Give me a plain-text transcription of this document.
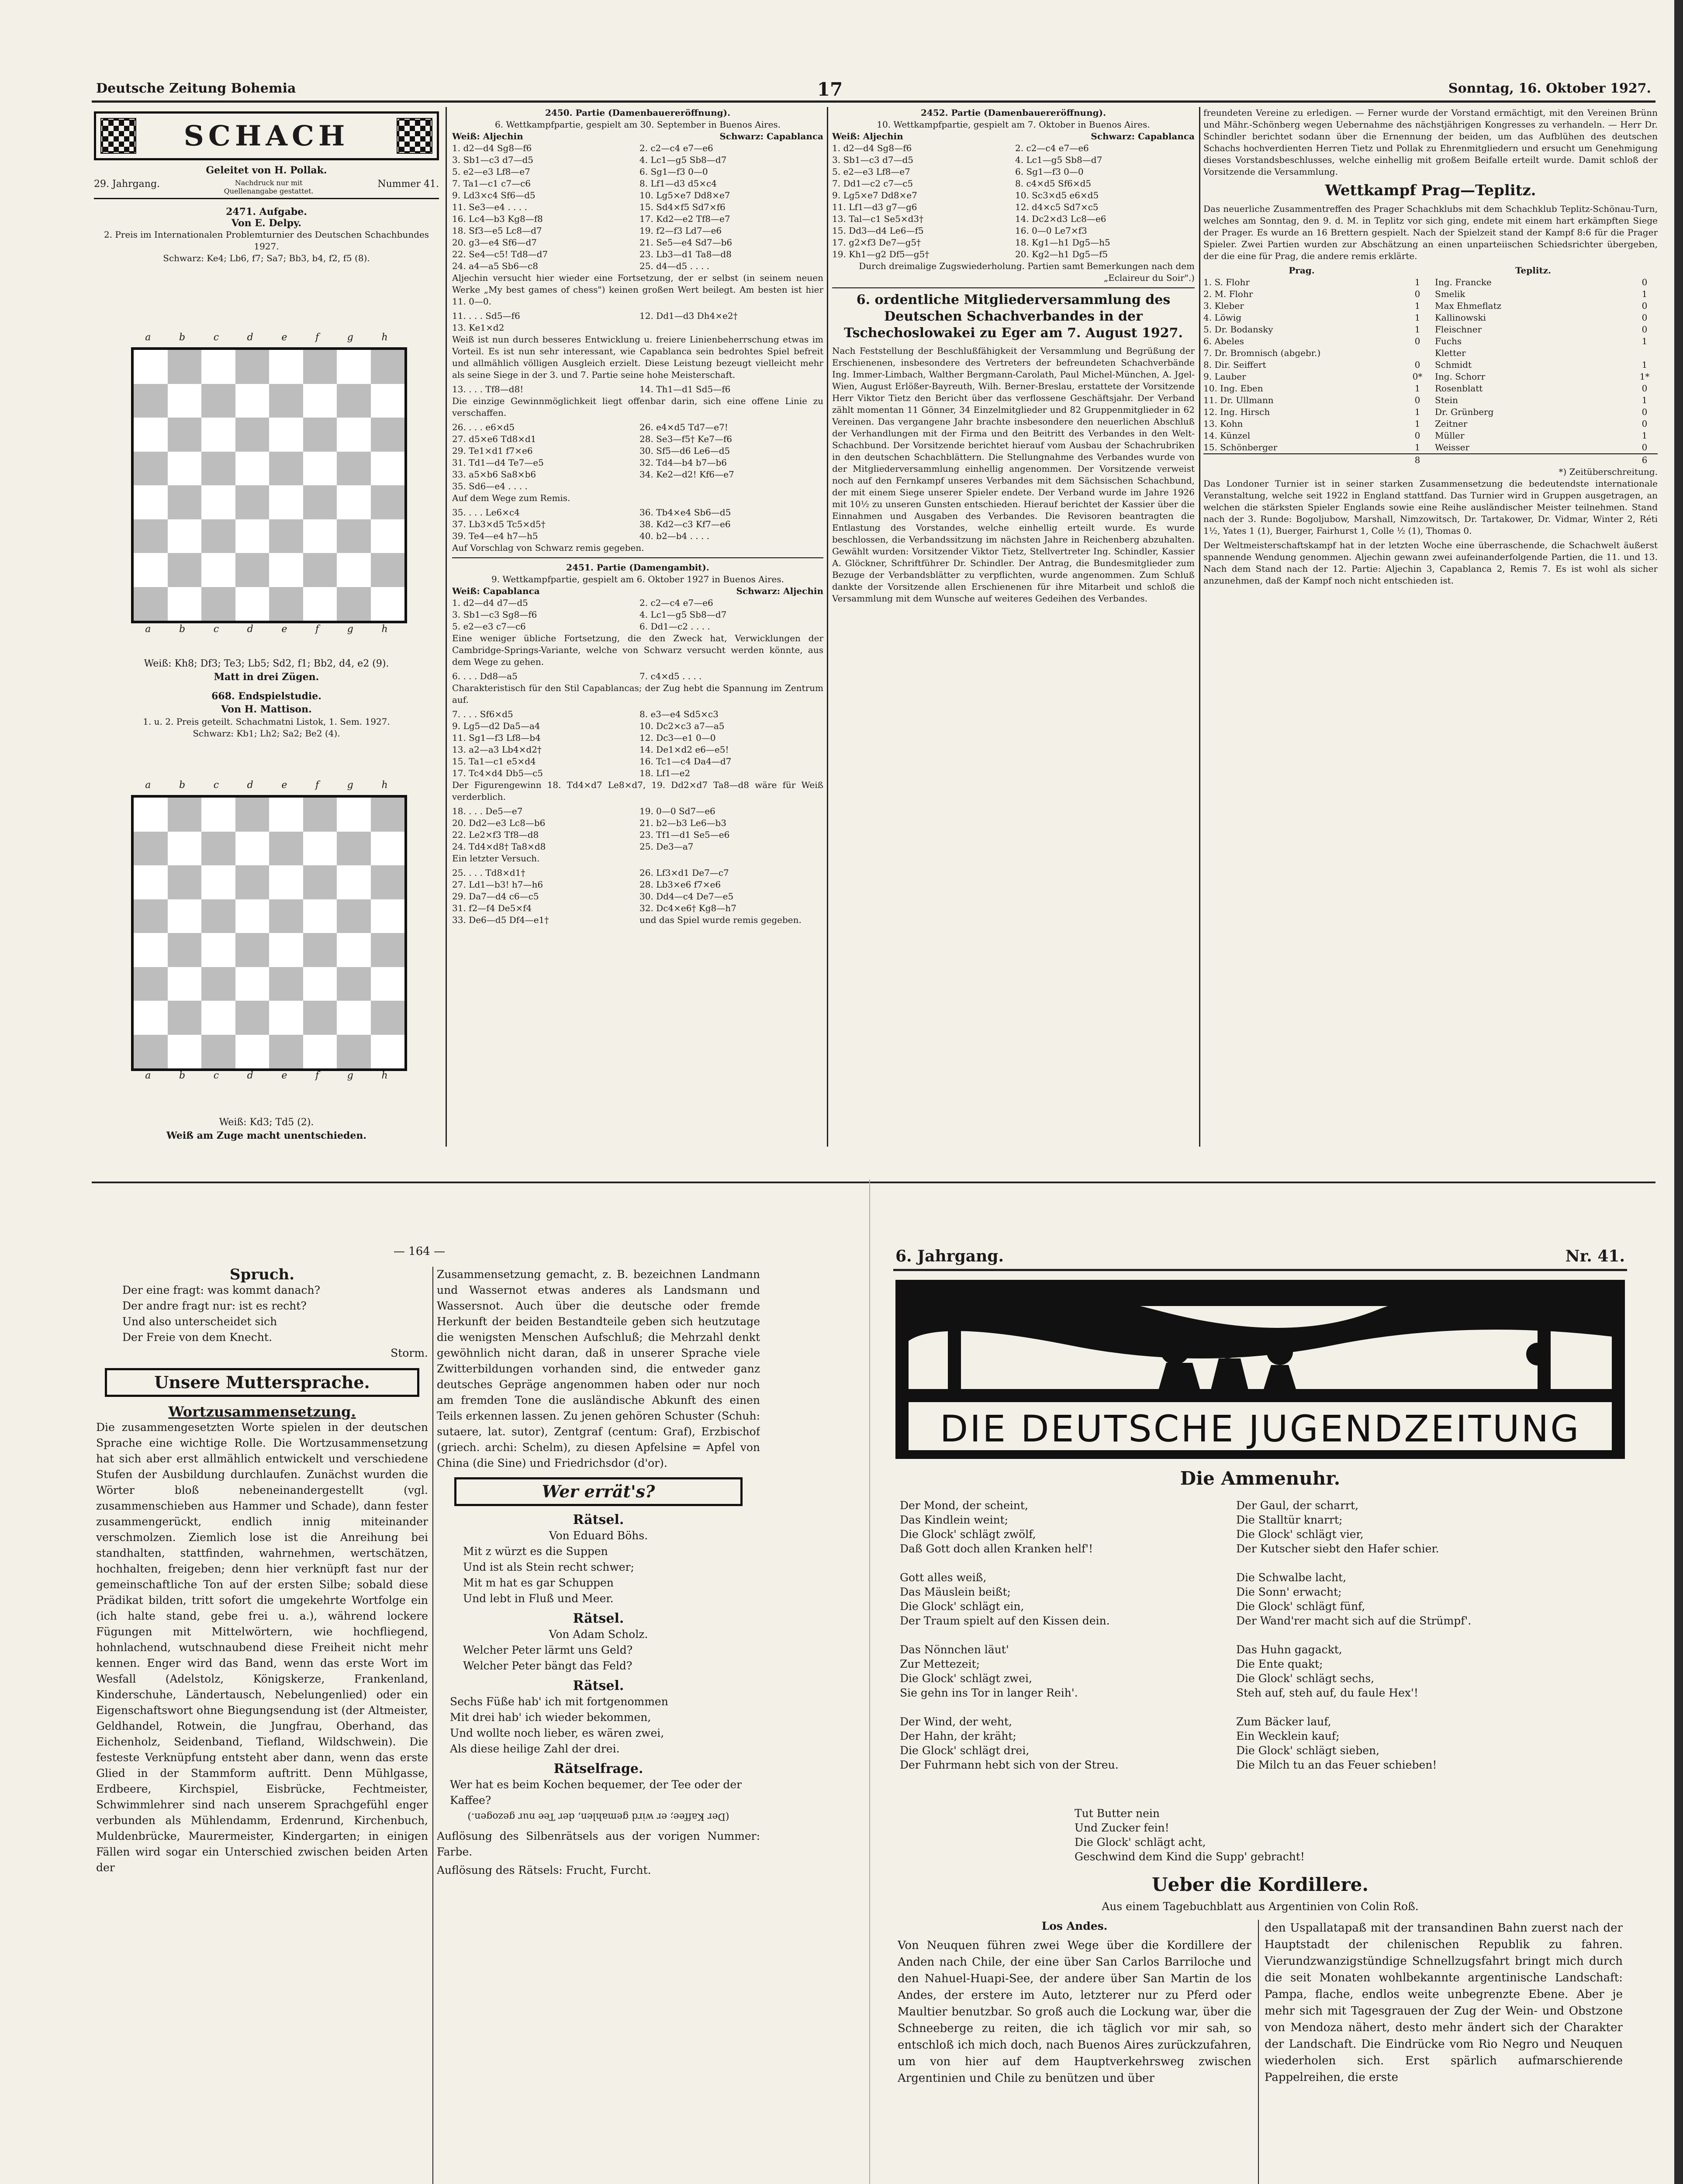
Deutsche Zeitung Bohemia	17	Sonntag, 16. Oktober 1927.
SCHACH
Geleitet von H. Pollak.
29. Jahrgang.	Nachdruck nur mit Quellenangabe gestattet.
Nummer 41.
2471. Aufgabe.
Von E. Delpy.
2. Preis im Internationalen Problemturnier des Deutschen Schachbundes 1927.
Schwarz: Ke4; Lb6, f7; Sa7; Bb3, b4, f2, f5 (8).
a	b	c	d	e	f	g	h
a	b	c	d	e	f	g	h
Weiß: Kh8; Df3; Te3; Lb5; Sd2, f1; Bb2, d4, e2 (9).
Matt in drei Zügen.
668. Endspielstudie.
Von H. Mattison.
1. u. 2. Preis geteilt. Schachmatni Listok, 1. Sem. 1927.
Schwarz: Kb1; Lh2; Sa2; Be2 (4).
a	b	c	d	e	f	g	h
a	b	c	d	e	f	g	h
Weiß: Kd3; Td5 (2).
Weiß am Zuge macht unentschieden.
2450. Partie (Damenbauereröffnung).
6. Wettkampfpartie, gespielt am 30. September in Buenos Aires.
Weiß: Aljechin	Schwarz: Capablanca
1. d2—d4 Sg8—f6	2. c2—c4 e7—e6
3. Sb1—c3 d7—d5	4. Lc1—g5 Sb8—d7
5. e2—e3 Lf8—e7	6. Sg1—f3 0—0
7. Ta1—c1 c7—c6	8. Lf1—d3 d5×c4
9. Ld3×c4 Sf6—d5	10. Lg5×e7 Dd8×e7
11. Se3—e4 . . . .	15. Sd4×f5 Sd7×f6
16. Lc4—b3 Kg8—f8	17. Kd2—e2 Tf8—e7
18. Sf3—e5 Lc8—d7	19. f2—f3 Ld7—e6
20. g3—e4 Sf6—d7	21. Se5—e4 Sd7—b6
22. Se4—c5! Td8—d7	23. Lb3—d1 Ta8—d8
24. a4—a5 Sb6—c8	25. d4—d5 . . . .

Aljechin versucht hier wieder eine Fortsetzung, der er selbst (in seinem neuen Werke „My best games of chess") keinen großen Wert beilegt. Am besten ist hier 11. 0—0.

11. . . . Sd5—f6	12. Dd1—d3 Dh4×e2†
13. Ke1×d2

Weiß ist nun durch besseres Entwicklung u. freiere Linienbeherrschung etwas im Vorteil. Es ist nun sehr interessant, wie Capablanca sein bedrohtes Spiel befreit und allmählich völligen Ausgleich erzielt. Diese Leistung bezeugt vielleicht mehr als seine Siege in der 3. und 7. Partie seine hohe Meisterschaft.

13. . . . Tf8—d8!	14. Th1—d1 Sd5—f6

Die einzige Gewinnmöglichkeit liegt offenbar darin, sich eine offene Linie zu verschaffen.

26. . . . e6×d5	26. e4×d5 Td7—e7!
27. d5×e6 Td8×d1	28. Se3—f5† Ke7—f6
29. Te1×d1 f7×e6	30. Sf5—d6 Le6—d5
31. Td1—d4 Te7—e5	32. Td4—b4 b7—b6
33. a5×b6 Sa8×b6	34. Ke2—d2! Kf6—e7
35. Sd6—e4 . . . .

Auf dem Wege zum Remis.

35. . . . Le6×c4	36. Tb4×e4 Sb6—d5
37. Lb3×d5 Tc5×d5†	38. Kd2—c3 Kf7—e6
39. Te4—e4 h7—h5	40. b2—b4 . . . .

Auf Vorschlag von Schwarz remis gegeben.

2451. Partie (Damengambit).
9. Wettkampfpartie, gespielt am 6. Oktober 1927 in Buenos Aires.
Weiß: Capablanca	Schwarz: Aljechin
1. d2—d4 d7—d5	2. c2—c4 e7—e6
3. Sb1—c3 Sg8—f6	4. Lc1—g5 Sb8—d7
5. e2—e3 c7—c6	6. Dd1—c2 . . . .

Eine weniger übliche Fortsetzung, die den Zweck hat, Verwicklungen der Cambridge-Springs-Variante, welche von Schwarz versucht werden könnte, aus dem Wege zu gehen.

6. . . . Dd8—a5	7. c4×d5 . . . .

Charakteristisch für den Stil Capablancas; der Zug hebt die Spannung im Zentrum auf.

7. . . . Sf6×d5	8. e3—e4 Sd5×c3
9. Lg5—d2 Da5—a4	10. Dc2×c3 a7—a5
11. Sg1—f3 Lf8—b4	12. Dc3—e1 0—0
13. a2—a3 Lb4×d2†	14. De1×d2 e6—e5!
15. Ta1—c1 e5×d4	16. Tc1—c4 Da4—d7
17. Tc4×d4 Db5—c5	18. Lf1—e2

Der Figurengewinn 18. Td4×d7 Le8×d7, 19. Dd2×d7 Ta8—d8 wäre für Weiß verderblich.

18. . . . De5—e7	19. 0—0 Sd7—e6
20. Dd2—e3 Lc8—b6	21. b2—b3 Le6—b3
22. Le2×f3 Tf8—d8	23. Tf1—d1 Se5—e6
24. Td4×d8† Ta8×d8	25. De3—a7

Ein letzter Versuch.

25. . . . Td8×d1†	26. Lf3×d1 De7—c7
27. Ld1—b3! h7—h6	28. Lb3×e6 f7×e6
29. Da7—d4 c6—c5	30. Dd4—c4 De7—e5
31. f2—f4 De5×f4	32. Dc4×e6† Kg8—h7
33. De6—d5 Df4—e1†	und das Spiel wurde remis gegeben.
2452. Partie (Damenbauereröffnung).
10. Wettkampfpartie, gespielt am 7. Oktober in Buenos Aires.
Weiß: Aljechin	Schwarz: Capablanca
1. d2—d4 Sg8—f6	2. c2—c4 e7—e6
3. Sb1—c3 d7—d5	4. Lc1—g5 Sb8—d7
5. e2—e3 Lf8—e7	6. Sg1—f3 0—0
7. Dd1—c2 c7—c5	8. c4×d5 Sf6×d5
9. Lg5×e7 Dd8×e7	10. Sc3×d5 e6×d5
11. Lf1—d3 g7—g6	12. d4×c5 Sd7×c5
13. Tal—c1 Se5×d3†	14. Dc2×d3 Lc8—e6
15. Dd3—d4 Le6—f5	16. 0—0 Le7×f3
17. g2×f3 De7—g5†	18. Kg1—h1 Dg5—h5
19. Kh1—g2 Df5—g5†	20. Kg2—h1 Dg5—f5

Durch dreimalige Zugswiederholung. Partien samt Bemerkungen nach dem „Eclaireur du Soir".)

6. ordentliche Mitgliederversammlung des Deutschen Schachverbandes in der Tschechoslowakei zu Eger am 7. August 1927.

Nach Feststellung der Beschlußfähigkeit der Versammlung und Begrüßung der Erschienenen, insbesondere des Vertreters der befreundeten Schachverbände Ing. Immer-Limbach, Walther Bergmann-Carolath, Paul Michel-München, A. Jgel-Wien, August Erlößer-Bayreuth, Wilh. Berner-Breslau, erstattete der Vorsitzende Herr Viktor Tietz den Bericht über das verflossene Geschäftsjahr. Der Verband zählt momentan 11 Gönner, 34 Einzelmitglieder und 82 Gruppenmitglieder in 62 Vereinen. Das vergangene Jahr brachte insbesondere den neuerlichen Abschluß der Verhandlungen mit der Firma und den Beitritt des Verbandes in den Welt-Schachbund. Der Vorsitzende berichtet hierauf vom Ausbau der Schachrubriken in den deutschen Schachblättern. Die Stellungnahme des Verbandes wurde von der Mitgliederversammlung einhellig angenommen. Der Vorsitzende verweist noch auf den Fernkampf unseres Verbandes mit dem Sächsischen Schachbund, der mit einem Siege unserer Spieler endete. Der Verband wurde im Jahre 1926 mit 10½ zu unseren Gunsten entschieden. Hierauf berichtet der Kassier über die Einnahmen und Ausgaben des Verbandes. Die Revisoren beantragten die Entlastung des Vorstandes, welche einhellig erteilt wurde. Es wurde beschlossen, die Verbandssitzung im nächsten Jahre in Reichenberg abzuhalten. Gewählt wurden: Vorsitzender Viktor Tietz, Stellvertreter Ing. Schindler, Kassier A. Glöckner, Schriftführer Dr. Schindler. Der Antrag, die Bundesmitglieder zum Bezuge der Verbandsblätter zu verpflichten, wurde angenommen. Zum Schluß dankte der Vorsitzende allen Erschienenen für ihre Mitarbeit und schloß die Versammlung mit dem Wunsche auf weiteres Gedeihen des Verbandes.

freundeten Vereine zu erledigen. — Ferner wurde der Vorstand ermächtigt, mit den Vereinen Brünn und Mähr.-Schönberg wegen Uebernahme des nächstjährigen Kongresses zu verhandeln. — Herr Dr. Schindler berichtet sodann über die Ernennung der beiden, um das Aufblühen des deutschen Schachs hochverdienten Herren Tietz und Pollak zu Ehrenmitgliedern und ersucht um Genehmigung dieses Vorstandsbeschlusses, welche einhellig mit großem Beifalle erteilt wurde. Damit schloß der Vorsitzende die Versammlung.

Wettkampf Prag—Teplitz.

Das neuerliche Zusammentreffen des Prager Schachklubs mit dem Schachklub Teplitz-Schönau-Turn, welches am Sonntag, den 9. d. M. in Teplitz vor sich ging, endete mit einem hart erkämpften Siege der Prager. Es wurde an 16 Brettern gespielt. Nach der Spielzeit stand der Kampf 8:6 für die Prager Spieler. Zwei Partien wurden zur Abschätzung an einen unparteiischen Schiedsrichter übergeben, der die eine für Prag, die andere remis erklärte.

Prag.	Teplitz.
1. S. Flohr	1	Ing. Francke	0
2. M. Flohr	0	Smelik	1
3. Kleber	1	Max Ehmeflatz	0
4. Löwig	1	Kallinowski	0
5. Dr. Bodansky	1	Fleischner	0
6. Abeles	0	Fuchs	1
7. Dr. Bromnisch (abgebr.)	Kletter
8. Dir. Seiffert	0	Schmidt	1
9. Lauber	0*	Ing. Schorr	1*
10. Ing. Eben	1	Rosenblatt	0
11. Dr. Ullmann	0	Stein	1
12. Ing. Hirsch	1	Dr. Grünberg	0
13. Kohn	1	Zeitner	0
14. Künzel	0	Müller	1
15. Schönberger	1	Weisser	0
8	6
*) Zeitüberschreitung.

Das Londoner Turnier ist in seiner starken Zusammensetzung die bedeutendste internationale Veranstaltung, welche seit 1922 in England stattfand. Das Turnier wird in Gruppen ausgetragen, an welchen die stärksten Spieler Englands sowie eine Reihe ausländischer Meister teilnehmen. Stand nach der 3. Runde: Bogoljubow, Marshall, Nimzowitsch, Dr. Tartakower, Dr. Vidmar, Winter 2, Réti 1½, Yates 1 (1), Buerger, Fairhurst 1, Colle ½ (1), Thomas 0.

Der Weltmeisterschaftskampf hat in der letzten Woche eine überraschende, die Schachwelt äußerst spannende Wendung genommen. Aljechin gewann zwei aufeinanderfolgende Partien, die 11. und 13. Nach dem Stand nach der 12. Partie: Aljechin 3, Capablanca 2, Remis 7. Es ist wohl als sicher anzunehmen, daß der Kampf noch nicht entschieden ist.

— 164 —
Spruch.

Der eine fragt: was kommt danach?

Der andre fragt nur: ist es recht?

Und also unterscheidet sich

Der Freie von dem Knecht.

Storm.
Unsere Muttersprache.
Wortzusammensetzung.

Die zusammengesetzten Worte spielen in der deutschen Sprache eine wichtige Rolle. Die Wortzusammensetzung hat sich aber erst allmählich entwickelt und verschiedene Stufen der Ausbildung durchlaufen. Zunächst wurden die Wörter bloß nebeneinandergestellt (vgl. zusammenschieben aus Hammer und Schade), dann fester zusammengerückt, endlich innig miteinander verschmolzen. Ziemlich lose ist die Anreihung bei standhalten, stattfinden, wahrnehmen, wertschätzen, hochhalten, freigeben; denn hier verknüpft fast nur der gemeinschaftliche Ton auf der ersten Silbe; sobald diese Prädikat bilden, tritt sofort die umgekehrte Wortfolge ein (ich halte stand, gebe frei u. a.), während lockere Fügungen mit Mittelwörtern, wie hochfliegend, hohnlachend, wutschnaubend diese Freiheit nicht mehr kennen. Enger wird das Band, wenn das erste Wort im Wesfall (Adelstolz, Königskerze, Frankenland, Kinderschuhe, Ländertausch, Nebelungenlied) oder ein Eigenschaftswort ohne Biegungsendung ist (der Altmeister, Geldhandel, Rotwein, die Jungfrau, Oberhand, das Eichenholz, Seidenband, Tiefland, Wildschwein). Die festeste Verknüpfung entsteht aber dann, wenn das erste Glied in der Stammform auftritt. Denn Mühlgasse, Erdbeere, Kirchspiel, Eisbrücke, Fechtmeister, Schwimmlehrer sind nach unserem Sprachgefühl enger verbunden als Mühlendamm, Erdenrund, Kirchenbuch, Muldenbrücke, Maurermeister, Kindergarten; in einigen Fällen wird sogar ein Unterschied zwischen beiden Arten der

Zusammensetzung gemacht, z. B. bezeichnen Landmann und Wassernot etwas anderes als Landsmann und Wassersnot. Auch über die deutsche oder fremde Herkunft der beiden Bestandteile geben sich heutzutage die wenigsten Menschen Aufschluß; die Mehrzahl denkt gewöhnlich nicht daran, daß in unserer Sprache viele Zwitterbildungen vorhanden sind, die entweder ganz deutsches Gepräge angenommen haben oder nur noch am fremden Tone die ausländische Abkunft des einen Teils erkennen lassen. Zu jenen gehören Schuster (Schuh: sutaere, lat. sutor), Zentgraf (centum: Graf), Erzbischof (griech. archi: Schelm), zu diesen Apfelsine = Apfel von China (die Sine) und Friedrichsdor (d'or).

Wer errät's?
Rätsel.
Von Eduard Böhs.

Mit z würzt es die Suppen

Und ist als Stein recht schwer;

Mit m hat es gar Schuppen

Und lebt in Fluß und Meer.

Rätsel.
Von Adam Scholz.

Welcher Peter lärmt uns Geld?

Welcher Peter bängt das Feld?

Rätsel.

Sechs Füße hab' ich mit fortgenommen

Mit drei hab' ich wieder bekommen,

Und wollte noch lieber, es wären zwei,

Als diese heilige Zahl der drei.

Rätselfrage.

Wer hat es beim Kochen bequemer, der Tee oder der Kaffee?

(Der Kaffee; er wird gemahlen, der Tee nur gezogen.)

Auflösung des Silbenrätsels aus der vorigen Nummer: Farbe.

Auflösung des Rätsels: Frucht, Furcht.

6. Jahrgang.	Nr. 41.
DIE DEUTSCHE JUGENDZEITUNG
Die Ammenuhr.

Der Mond, der scheint,

Das Kindlein weint;

Die Glock' schlägt zwölf,

Daß Gott doch allen Kranken helf'!

Gott alles weiß,

Das Mäuslein beißt;

Die Glock' schlägt ein,

Der Traum spielt auf den Kissen dein.

Das Nönnchen läut'

Zur Mettezeit;

Die Glock' schlägt zwei,

Sie gehn ins Tor in langer Reih'.

Der Wind, der weht,

Der Hahn, der kräht;

Die Glock' schlägt drei,

Der Fuhrmann hebt sich von der Streu.

Der Gaul, der scharrt,

Die Stalltür knarrt;

Die Glock' schlägt vier,

Der Kutscher siebt den Hafer schier.

Die Schwalbe lacht,

Die Sonn' erwacht;

Die Glock' schlägt fünf,

Der Wand'rer macht sich auf die Strümpf'.

Das Huhn gagackt,

Die Ente quakt;

Die Glock' schlägt sechs,

Steh auf, steh auf, du faule Hex'!

Zum Bäcker lauf,

Ein Wecklein kauf;

Die Glock' schlägt sieben,

Die Milch tu an das Feuer schieben!

Tut Butter nein

Und Zucker fein!

Die Glock' schlägt acht,

Geschwind dem Kind die Supp' gebracht!

Ueber die Kordillere.
Aus einem Tagebuchblatt aus Argentinien von Colin Roß.
Los Andes.

Von Neuquen führen zwei Wege über die Kordillere der Anden nach Chile, der eine über San Carlos Barriloche und den Nahuel-Huapi-See, der andere über San Martin de los Andes, der erstere im Auto, letzterer nur zu Pferd oder Maultier benutzbar. So groß auch die Lockung war, über die Schneeberge zu reiten, die ich täglich vor mir sah, so entschloß ich mich doch, nach Buenos Aires zurückzufahren, um von hier auf dem Hauptverkehrsweg zwischen Argentinien und Chile zu benützen und über

den Uspallatapaß mit der transandinen Bahn zuerst nach der Hauptstadt der chilenischen Republik zu fahren. Vierundzwanzigstündige Schnellzugsfahrt bringt mich durch die seit Monaten wohlbekannte argentinische Landschaft: Pampa, flache, endlos weite unbegrenzte Ebene. Aber je mehr sich mit Tagesgrauen der Zug der Wein- und Obstzone von Mendoza nähert, desto mehr ändert sich der Charakter der Landschaft. Die Eindrücke vom Rio Negro und Neuquen wiederholen sich. Erst spärlich aufmarschierende Pappelreihen, die erste
